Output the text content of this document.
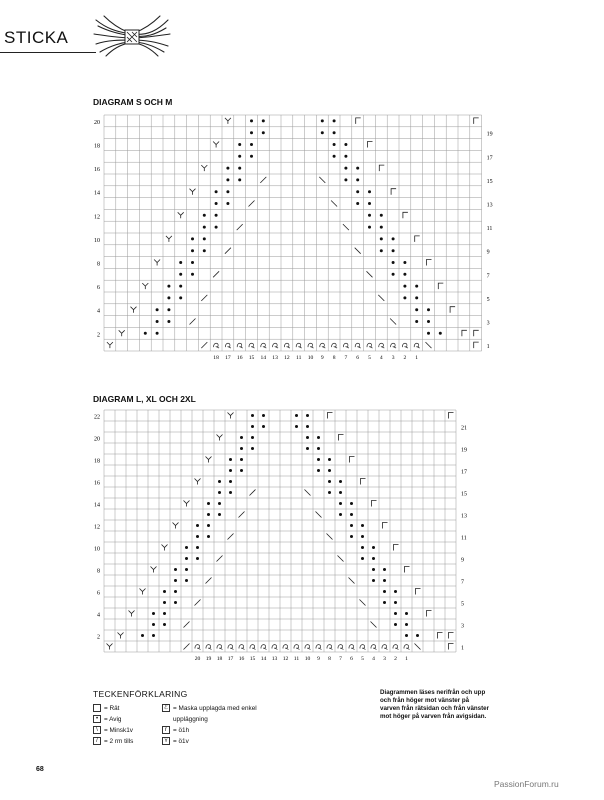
STICKA
DIAGRAM S OCH M
20
18
16
14
12
10
8
6
4
2
19
17
15
13
11
9
7
5
3
1
18 17 16 15 14 13 12 11 10 9 8 7 6 5 4 3 2 1
DIAGRAM L, XL OCH 2XL
22
20
18
16
14
12
10
8
6
4
2
21
19
17
15
13
11
9
7
5
3
1
20 19 18 17 16 15 14 13 12 11 10 9 8 7 6 5 4 3 2 1
TECKENFÖRKLARING
= Rät
• = Avig
\ = Minsk1v
/ = 2 rm tills
ℰ = Maska upplagda med enkel
uppläggning
r = ö1h
ʏ = ö1v
Diagrammen läses nerifrån och upp och från höger mot vänster på varven från rätsidan och från vänster mot höger på varven från avigsidan.
68
PassionForum.ru
